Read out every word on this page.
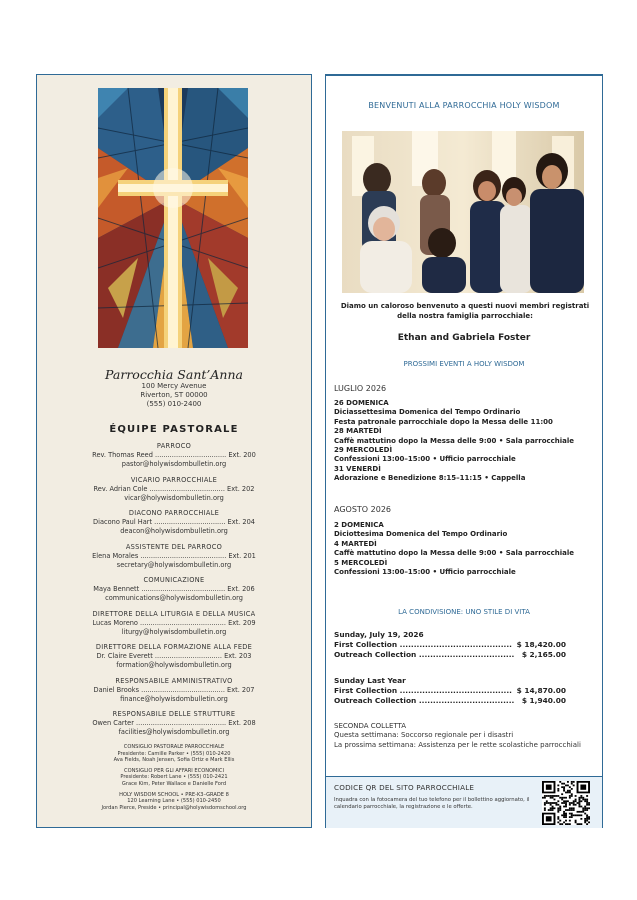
Parrocchia Sant’Anna
100 Mercy Avenue
Riverton, ST 00000
(555) 010-2400
ÉQUIPE PASTORALE
PARROCO
Rev. Thomas Reed .................................. Ext. 200
pastor@holywisdombulletin.org
VICARIO PARROCCHIALE
Rev. Adrian Cole .................................... Ext. 202
vicar@holywisdombulletin.org
DIACONO PARROCCHIALE
Diacono Paul Hart .................................. Ext. 204
deacon@holywisdombulletin.org
ASSISTENTE DEL PARROCO
Elena Morales ......................................... Ext. 201
secretary@holywisdombulletin.org
COMUNICAZIONE
Maya Bennett ........................................ Ext. 206
communications@holywisdombulletin.org
DIRETTORE DELLA LITURGIA E DELLA MUSICA
Lucas Moreno ......................................... Ext. 209
liturgy@holywisdombulletin.org
DIRETTORE DELLA FORMAZIONE ALLA FEDE
Dr. Claire Everett ................................ Ext. 203
formation@holywisdombulletin.org
RESPONSABILE AMMINISTRATIVO
Daniel Brooks ........................................ Ext. 207
finance@holywisdombulletin.org
RESPONSABILE DELLE STRUTTURE
Owen Carter ........................................... Ext. 208
facilities@holywisdombulletin.org
CONSIGLIO PASTORALE PARROCCHIALE
Presidente: Camille Parker • (555) 010-2420
Ava Fields, Noah Jensen, Sofia Ortiz e Mark Ellis
CONSIGLIO PER GLI AFFARI ECONOMICI
Presidente: Robert Lane • (555) 010-2421
Grace Kim, Peter Wallace e Danielle Ford
HOLY WISDOM SCHOOL • PRE-K3–GRADE 8
120 Learning Lane • (555) 010-2450
Jordan Pierce, Preside • principal@holywisdomschool.org
BENVENUTI ALLA PARROCCHIA HOLY WISDOM
Diamo un caloroso benvenuto a questi nuovi membri registrati della nostra famiglia parrocchiale:
Ethan and Gabriela Foster
PROSSIMI EVENTI A HOLY WISDOM
LUGLIO 2026
26 DOMENICA
Diciassettesima Domenica del Tempo Ordinario
Festa patronale parrocchiale dopo la Messa delle 11:00
28 MARTEDÌ
Caffè mattutino dopo la Messa delle 9:00 • Sala parrocchiale
29 MERCOLEDÌ
Confessioni 13:00–15:00 • Ufficio parrocchiale
31 VENERDÌ
Adorazione e Benedizione 8:15–11:15 • Cappella
AGOSTO 2026
2 DOMENICA
Diciottesima Domenica del Tempo Ordinario
4 MARTEDÌ
Caffè mattutino dopo la Messa delle 9:00 • Sala parrocchiale
5 MERCOLEDÌ
Confessioni 13:00–15:00 • Ufficio parrocchiale
LA CONDIVISIONE: UNO STILE DI VITA
Sunday, July 19, 2026
First Collection ........................................ $ 18,420.00
Outreach Collection .................................. $ 2,165.00
Sunday Last Year
First Collection ........................................ $ 14,870.00
Outreach Collection .................................. $ 1,940.00
SECONDA COLLETTA
Questa settimana: Soccorso regionale per i disastri
La prossima settimana: Assistenza per le rette scolastiche parrocchiali
CODICE QR DEL SITO PARROCCHIALE
Inquadra con la fotocamera del tuo telefono per il bollettino aggiornato, il calendario parrocchiale, la registrazione e le offerte.
